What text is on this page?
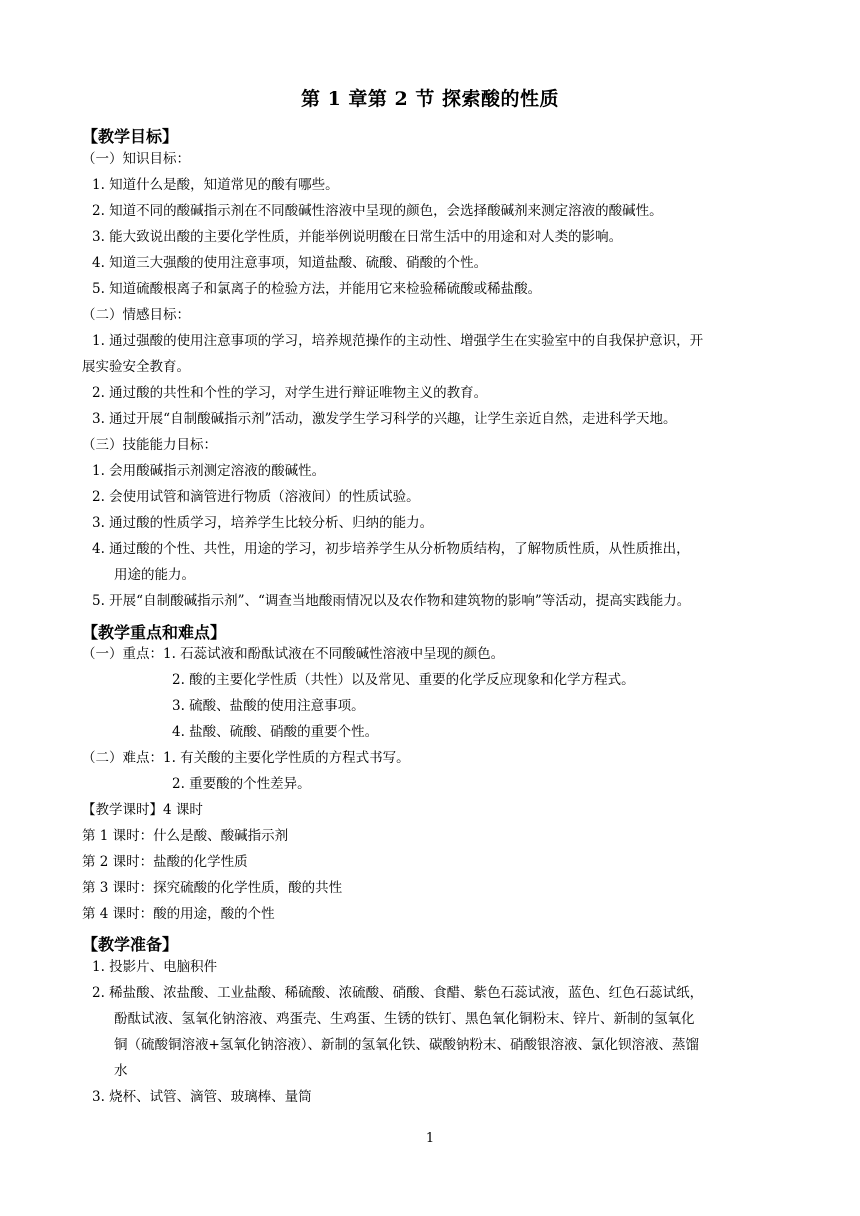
第 1 章第 2 节 探索酸的性质
【教学目标】
（一）知识目标：
1. 知道什么是酸，知道常见的酸有哪些。
2. 知道不同的酸碱指示剂在不同酸碱性溶液中呈现的颜色，会选择酸碱剂来测定溶液的酸碱性。
3. 能大致说出酸的主要化学性质，并能举例说明酸在日常生活中的用途和对人类的影响。
4. 知道三大强酸的使用注意事项，知道盐酸、硫酸、硝酸的个性。
5. 知道硫酸根离子和氯离子的检验方法，并能用它来检验稀硫酸或稀盐酸。
（二）情感目标：
1. 通过强酸的使用注意事项的学习，培养规范操作的主动性、增强学生在实验室中的自我保护意识，开
展实验安全教育。
2. 通过酸的共性和个性的学习，对学生进行辩证唯物主义的教育。
3. 通过开展“自制酸碱指示剂”活动，激发学生学习科学的兴趣，让学生亲近自然，走进科学天地。
（三）技能能力目标：
1. 会用酸碱指示剂测定溶液的酸碱性。
2. 会使用试管和滴管进行物质（溶液间）的性质试验。
3. 通过酸的性质学习，培养学生比较分析、归纳的能力。
4. 通过酸的个性、共性，用途的学习，初步培养学生从分析物质结构，了解物质性质，从性质推出，
用途的能力。
5. 开展“自制酸碱指示剂”、“调查当地酸雨情况以及农作物和建筑物的影响”等活动，提高实践能力。
【教学重点和难点】
（一）重点：1. 石蕊试液和酚酞试液在不同酸碱性溶液中呈现的颜色。
2. 酸的主要化学性质（共性）以及常见、重要的化学反应现象和化学方程式。
3. 硫酸、盐酸的使用注意事项。
4. 盐酸、硫酸、硝酸的重要个性。
（二）难点：1. 有关酸的主要化学性质的方程式书写。
2. 重要酸的个性差异。
【教学课时】4 课时
第 1 课时：什么是酸、酸碱指示剂
第 2 课时：盐酸的化学性质
第 3 课时：探究硫酸的化学性质，酸的共性
第 4 课时：酸的用途，酸的个性
【教学准备】
1. 投影片、电脑积件
2. 稀盐酸、浓盐酸、工业盐酸、稀硫酸、浓硫酸、硝酸、食醋、紫色石蕊试液，蓝色、红色石蕊试纸，
酚酞试液、氢氧化钠溶液、鸡蛋壳、生鸡蛋、生锈的铁钉、黑色氧化铜粉末、锌片、新制的氢氧化
铜（硫酸铜溶液+氢氧化钠溶液）、新制的氢氧化铁、碳酸钠粉末、硝酸银溶液、氯化钡溶液、蒸馏
水
3. 烧杯、试管、滴管、玻璃棒、量筒
1
